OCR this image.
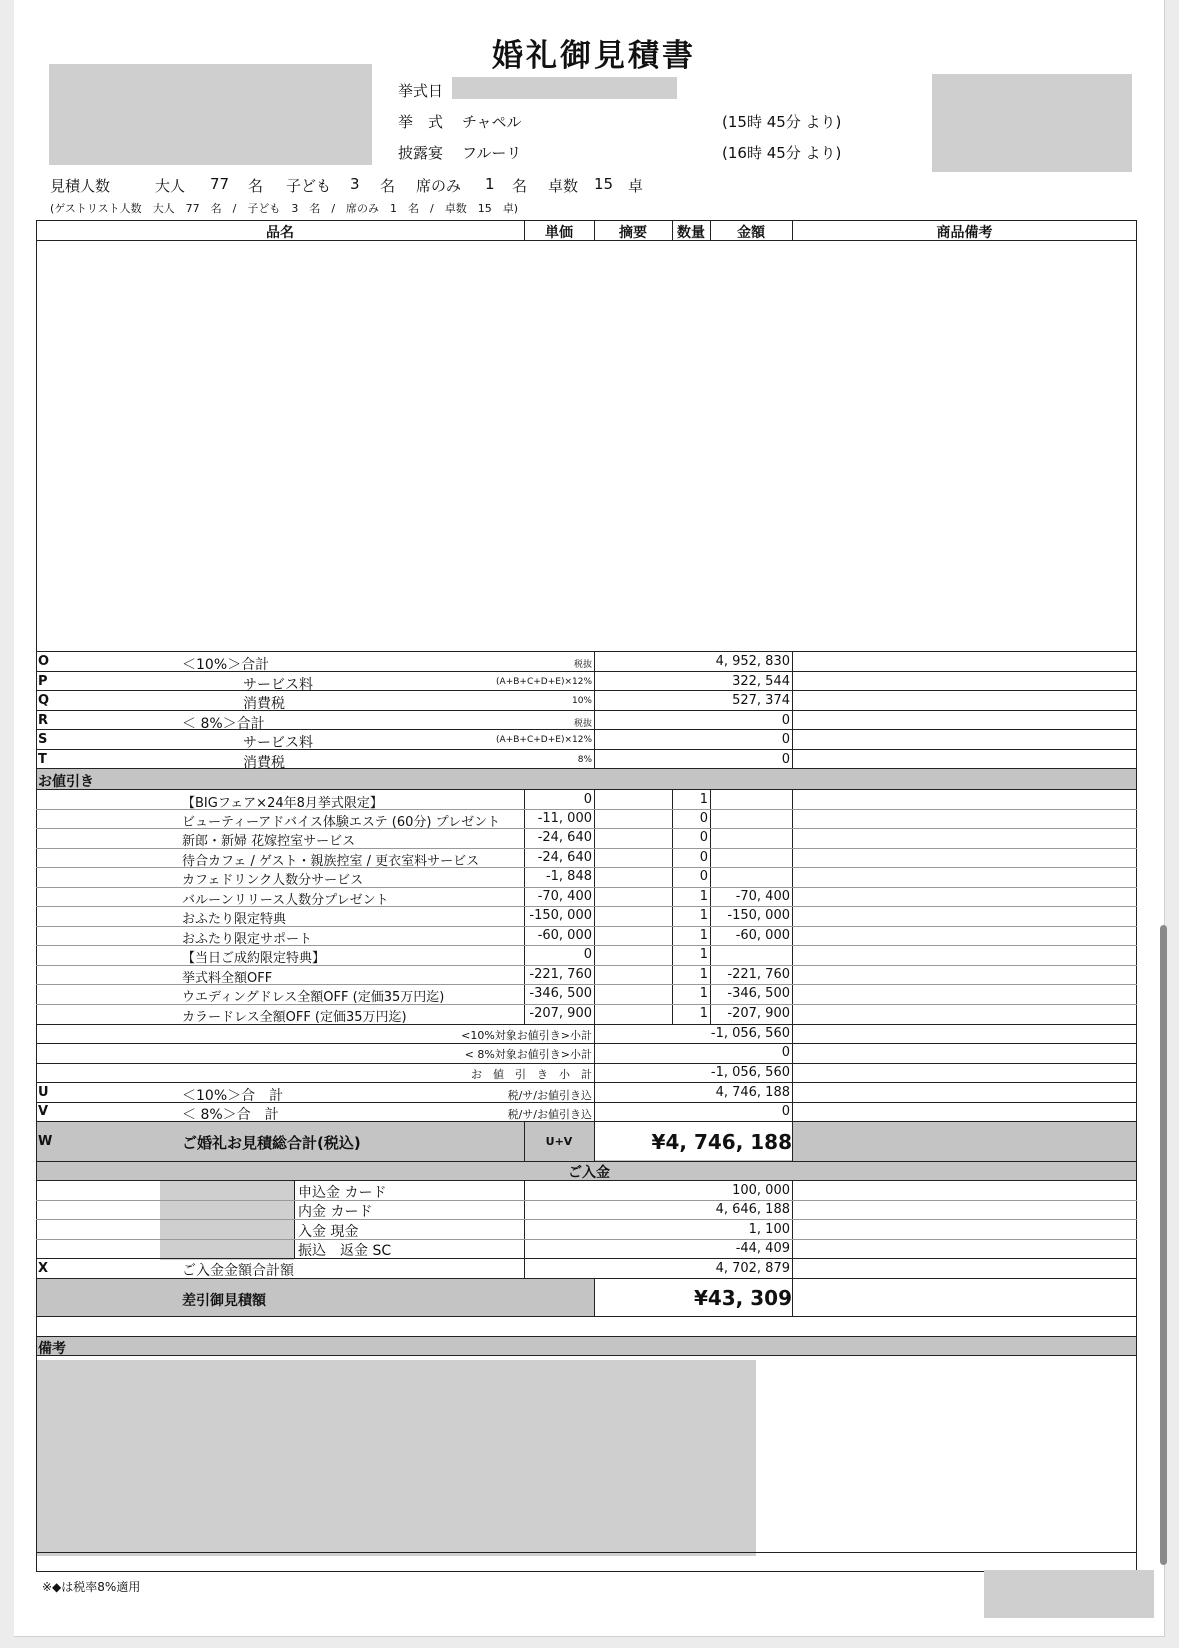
婚礼御見積書
挙式日
挙　式 チャペル	(15時 45分 より)
披露宴 フルーリ	(16時 45分 より)
見積人数	大人 77 名 子ども 3 名 席のみ 1 名 卓数 15 卓
(ゲストリスト人数　大人　77　名　/　子ども　3　名　/　席のみ　1　名　/　卓数　15　卓)
品名	単価	摘要	数量	金額	商品備考
O	＜10%＞合計	税抜	4, 952, 830
P	サービス料	(A+B+C+D+E)×12%	322, 544
Q	消費税	10%	527, 374
R	＜ 8%＞合計	税抜	0
S	サービス料	(A+B+C+D+E)×12%	0
T	消費税	8%	0
お値引き
【BIGフェア×24年8月挙式限定】	0	1
ビューティーアドバイス体験エステ (60分) プレゼント	-11, 000	0
新郎・新婦 花嫁控室サービス	-24, 640	0
待合カフェ / ゲスト・親族控室 / 更衣室料サービス	-24, 640	0
カフェドリンク人数分サービス	-1, 848	0
バルーンリリース人数分プレゼント	-70, 400	1	-70, 400
おふたり限定特典	-150, 000	1	-150, 000
おふたり限定サポート	-60, 000	1	-60, 000
【当日ご成約限定特典】	0	1
挙式料全額OFF	-221, 760	1	-221, 760
ウエディングドレス全額OFF (定価35万円迄)	-346, 500	1	-346, 500
カラードレス全額OFF (定価35万円迄)	-207, 900	1	-207, 900
<10%対象お値引き>小計	-1, 056, 560
< 8%対象お値引き>小計	0
お　値　引　き　小　計	-1, 056, 560
U	＜10%＞合　計	税/サ/お値引き込	4, 746, 188
V	＜ 8%＞合　計	税/サ/お値引き込	0
W	ご婚礼お見積総合計(税込)	U+V	¥4, 746, 188
ご入金
申込金 カード	100, 000
内金 カード	4, 646, 188
入金 現金	1, 100
振込　返金 SC	-44, 409
X	ご入金金額合計額	4, 702, 879
差引御見積額	¥43, 309
備考
※◆は税率8%適用
